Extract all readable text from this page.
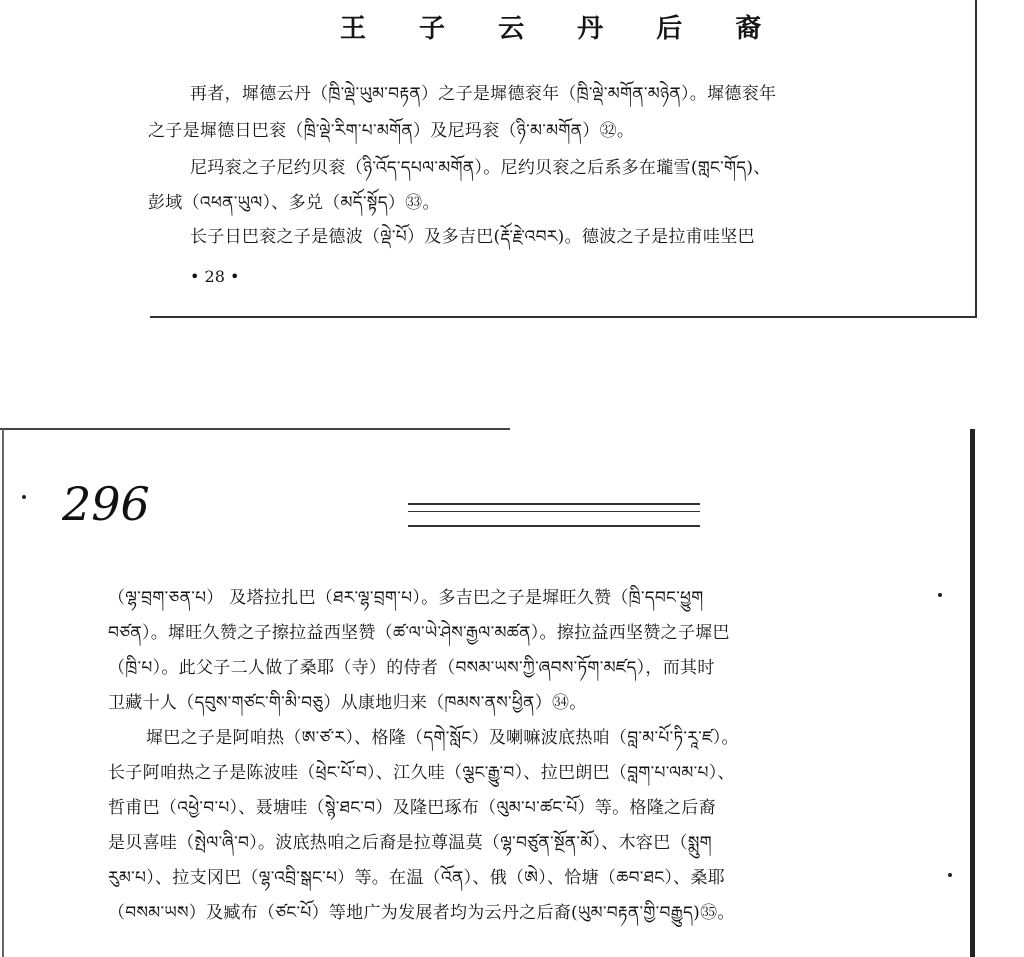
王 子 云 丹 后 裔
再者，墀德云丹（ཁྲི་ལྡེ་ཡུམ་བརྟན）之子是墀德衮年（ཁྲི་ལྡེ་མགོན་མཉེན）。墀德衮年
之子是墀德日巴衮（ཁྲི་ལྡེ་རིག་པ་མགོན）及尼玛衮（ཉི་མ་མགོན）㉜。
尼玛衮之子尼约贝衮（ཉི་འོད་དཔལ་མགོན）。尼约贝衮之后系多在瓏雪(གླང་གོད)、
彭域（འཕན་ཡུལ）、多兑（མདོ་སྟོད）㉝。
长子日巴衮之子是德波（ལྡེ་པོ）及多吉巴(རྡོ་རྗེ་འབར)。德波之子是拉甫哇坚巴
• 28 •
296
（ལྷ་བྲག་ཅན་པ） 及塔拉扎巴（ཐར་ལྷ་བྲག་པ）。多吉巴之子是墀旺久赞（ཁྲི་དབང་ཕྱུག
བཙན）。墀旺久赞之子擦拉益西坚赞（ཚ་ལ་ཡེ་ཤེས་རྒྱལ་མཚན）。擦拉益西坚赞之子墀巴
（ཁྲི་པ）。此父子二人做了桑耶（寺）的侍者（བསམ་ཡས་ཀྱི་ཞབས་ཏོག་མཛད），而其时
卫藏十人（དབུས་གཙང་གི་མི་བཅུ）从康地归来（ཁམས་ནས་ཕྱིན）㉞。
墀巴之子是阿咱热（ཨ་ཙ་ར）、格隆（དགེ་སློང）及喇嘛波底热咱（བླ་མ་པོ་ཏི་རཱ་ཛ）。
长子阿咱热之子是陈波哇（ཕྲེང་པོ་བ）、江久哇（ལྕང་རྒྱུ་བ）、拉巴朗巴（བླག་པ་ལམ་པ）、
哲甫巴（འཕྱེ་བ་པ）、聂塘哇（སྙེ་ཐང་བ）及隆巴琢布（ལུམ་པ་ཚང་པོ）等。格隆之后裔
是贝喜哇（སྤེལ་ཞི་བ）。波底热咱之后裔是拉尊温莫（ལྷ་བཙུན་སྔོན་མོ）、木容巴（སྨུག
རུམ་པ）、拉支冈巴（ལྷ་འབྲི་སྒང་པ）等。在温（འོན）、俄（ཨེ）、恰塘（ཆབ་ཐང）、桑耶
（བསམ་ཡས）及臧布（ཙང་པོ）等地广为发展者均为云丹之后裔(ཡུམ་བརྟན་གྱི་བརྒྱུད)㉟。
